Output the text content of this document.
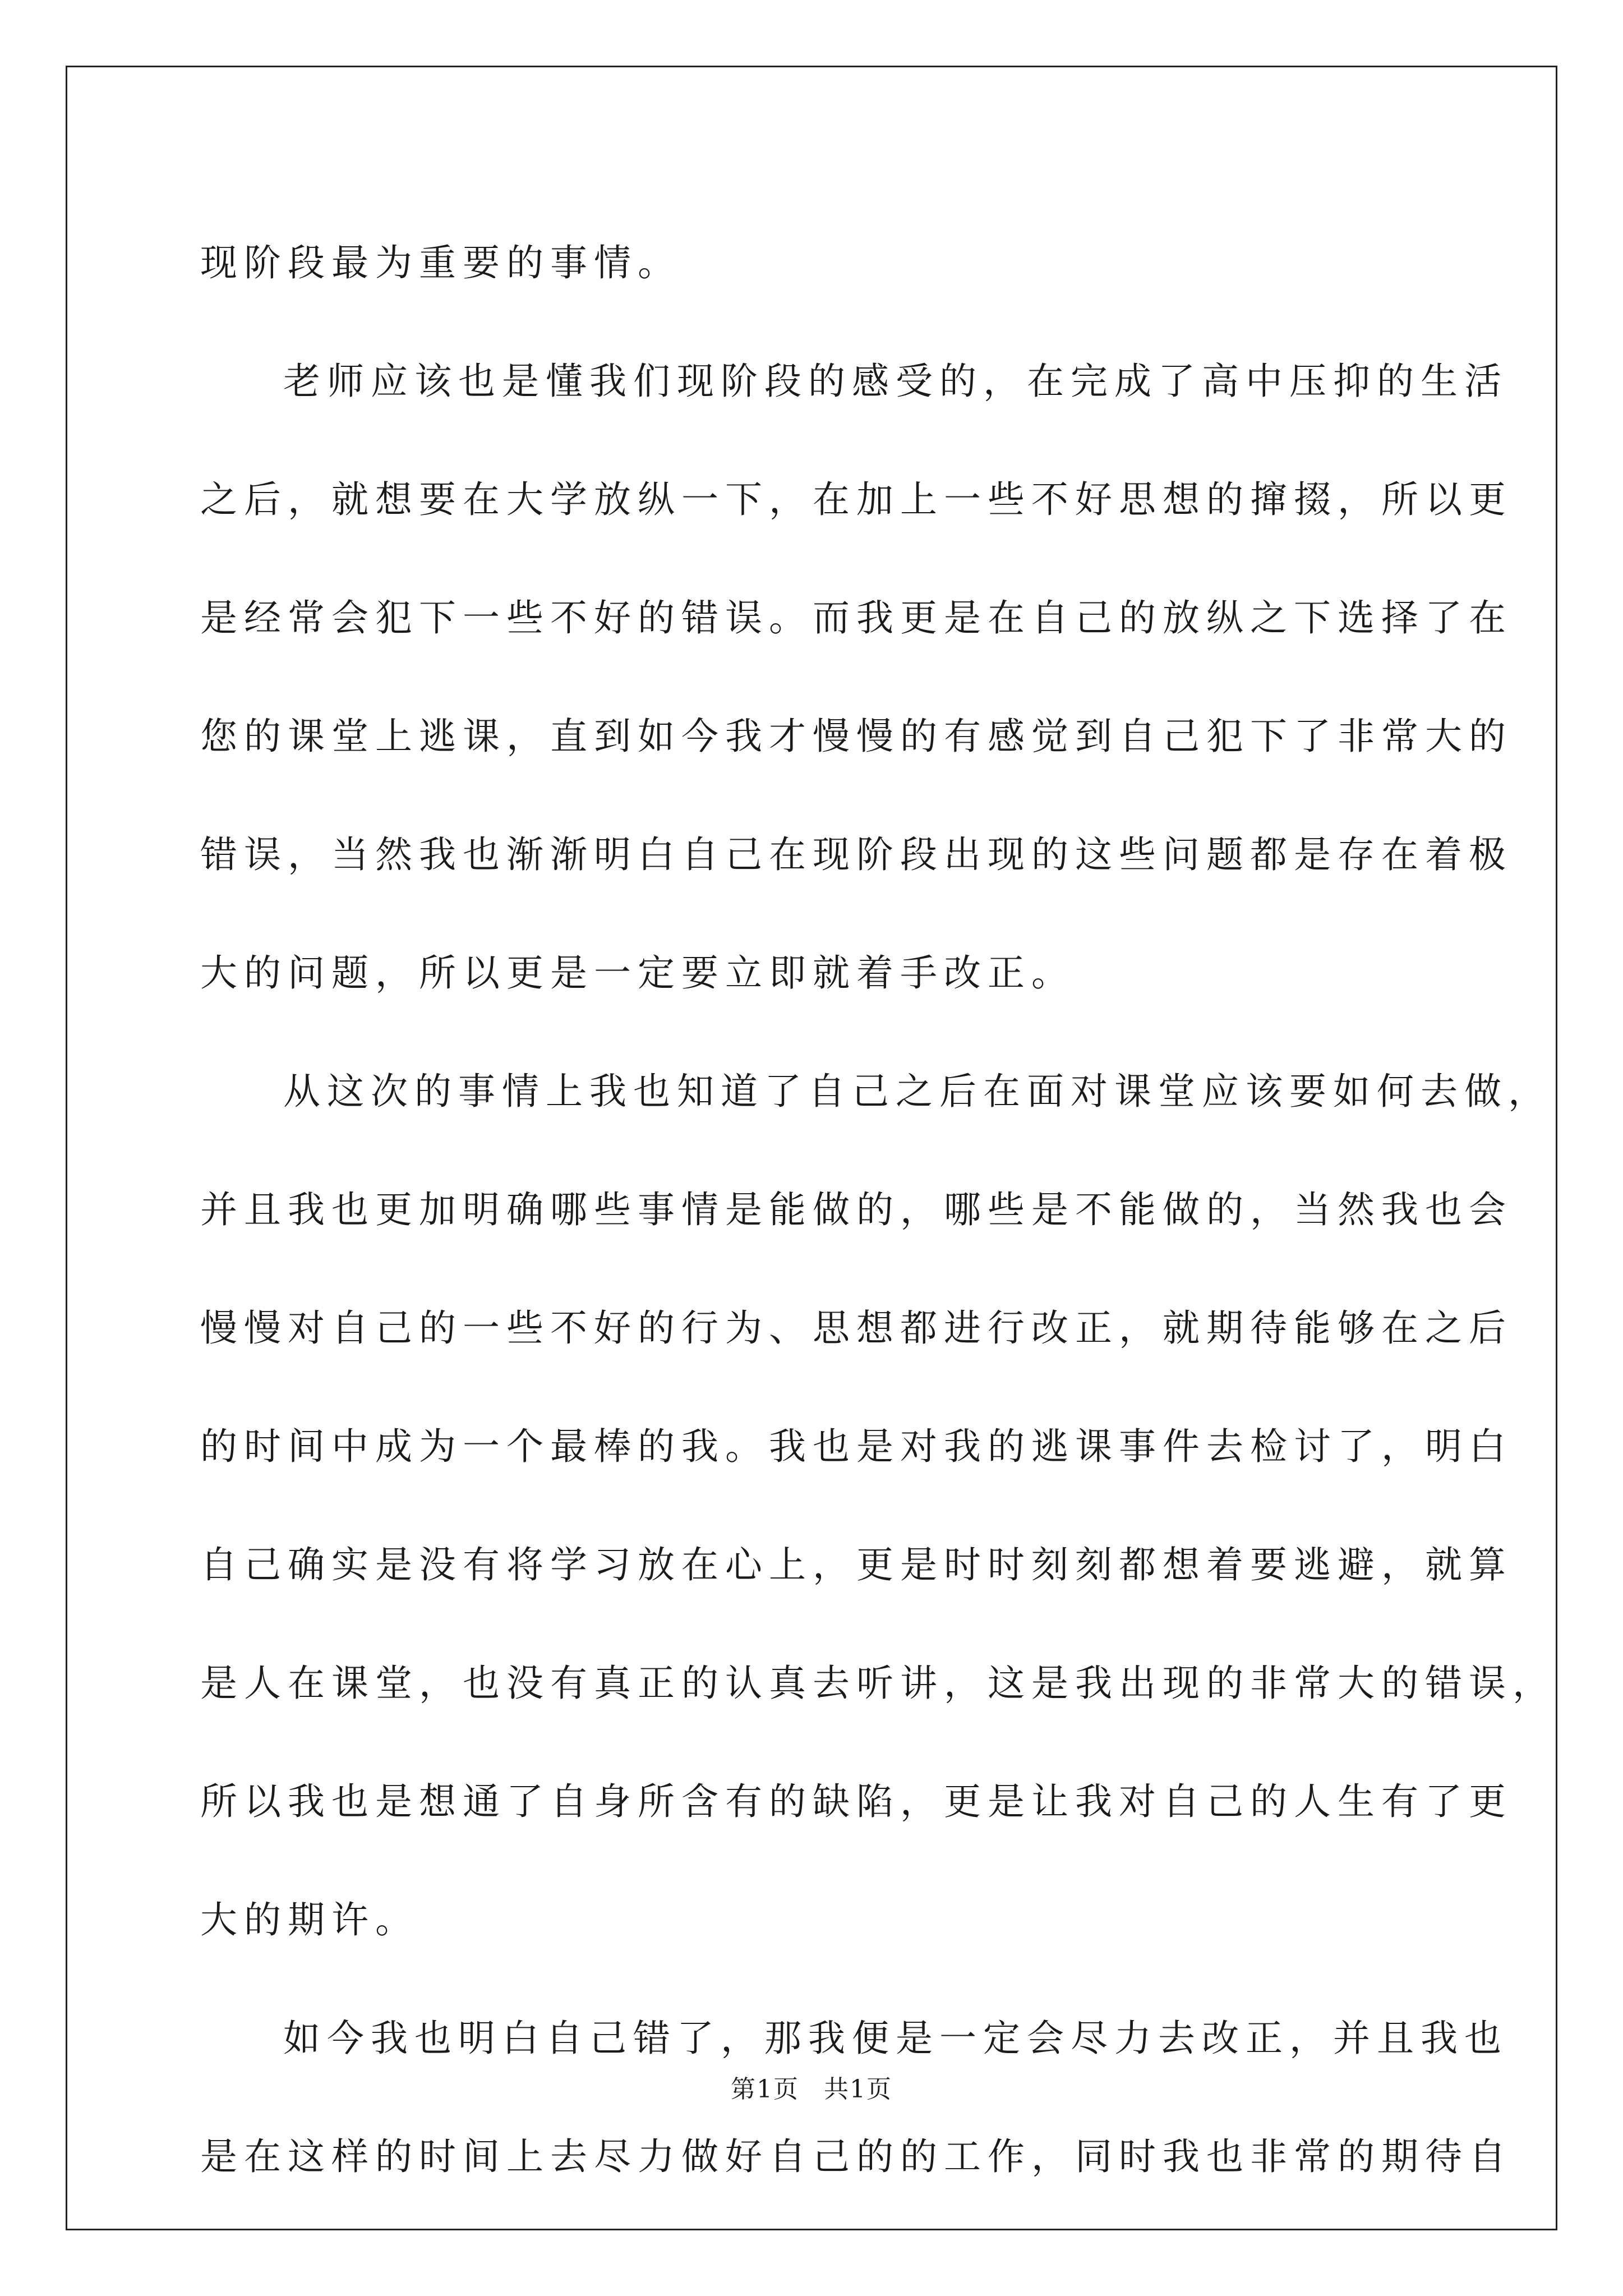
现阶段最为重要的事情。
老师应该也是懂我们现阶段的感受的，在完成了高中压抑的生活
之后，就想要在大学放纵一下，在加上一些不好思想的撺掇，所以更
是经常会犯下一些不好的错误。而我更是在自己的放纵之下选择了在
您的课堂上逃课，直到如今我才慢慢的有感觉到自己犯下了非常大的
错误，当然我也渐渐明白自己在现阶段出现的这些问题都是存在着极
大的问题，所以更是一定要立即就着手改正。
从这次的事情上我也知道了自己之后在面对课堂应该要如何去做，
并且我也更加明确哪些事情是能做的，哪些是不能做的，当然我也会
慢慢对自己的一些不好的行为、思想都进行改正，就期待能够在之后
的时间中成为一个最棒的我。我也是对我的逃课事件去检讨了，明白
自己确实是没有将学习放在心上，更是时时刻刻都想着要逃避，就算
是人在课堂，也没有真正的认真去听讲，这是我出现的非常大的错误，
所以我也是想通了自身所含有的缺陷，更是让我对自己的人生有了更
大的期许。
如今我也明白自己错了，那我便是一定会尽力去改正，并且我也
是在这样的时间上去尽力做好自己的的工作，同时我也非常的期待自
第1页 共1页
